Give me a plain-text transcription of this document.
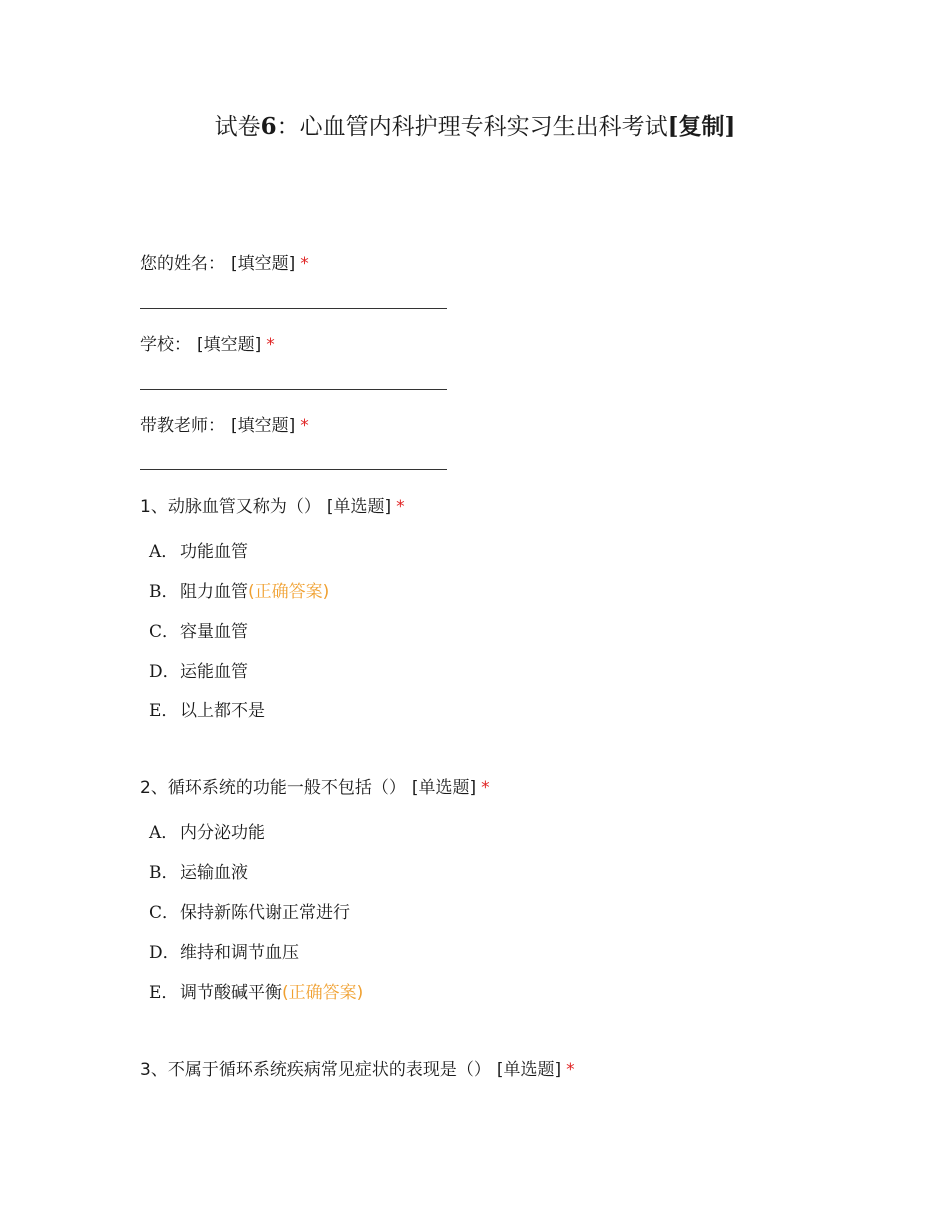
试卷6：心血管内科护理专科实习生出科考试[复制]
您的姓名： [填空题] *
学校： [填空题] *
带教老师： [填空题] *
1、动脉血管又称为（） [单选题] *
A． 功能血管
B．阻力血管(正确答案)
C．容量血管
D．运能血管
E．以上都不是
2、循环系统的功能一般不包括（） [单选题] *
A． 内分泌功能
B．运输血液
C．保持新陈代谢正常进行
D．维持和调节血压
E．调节酸碱平衡(正确答案)
3、不属于循环系统疾病常见症状的表现是（） [单选题] *
